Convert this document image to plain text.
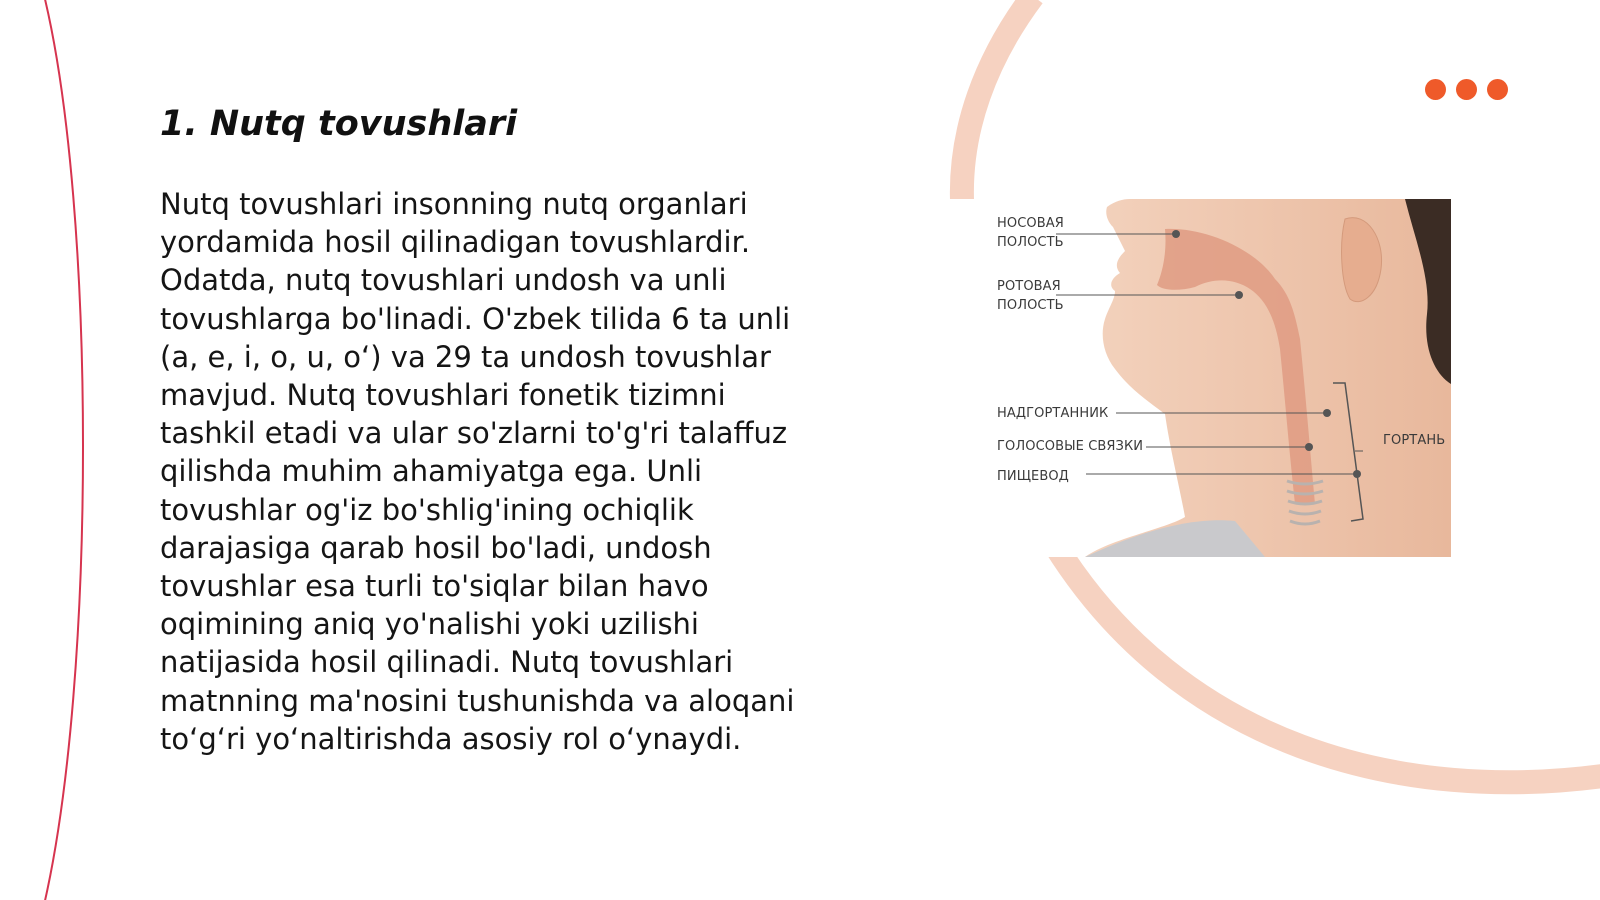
1. Nutq tovushlari

Nutq tovushlari insonning nutq organlari yordamida hosil qilinadigan tovushlardir. Odatda, nutq tovushlari undosh va unli tovushlarga bo'linadi. O'zbek tilida 6 ta unli (a, e, i, o, u, o‘) va 29 ta undosh tovushlar mavjud. Nutq tovushlari fonetik tizimni tashkil etadi va ular so'zlarni to'g'ri talaffuz qilishda muhim ahamiyatga ega. Unli tovushlar og'iz bo'shlig'ining ochiqlik darajasiga qarab hosil bo'ladi, undosh tovushlar esa turli to'siqlar bilan havo oqimining aniq yo'nalishi yoki uzilishi natijasida hosil qilinadi. Nutq tovushlari matnning ma'nosini tushunishda va aloqani to‘g‘ri yo‘naltirishda asosiy rol o‘ynaydi.

НОСОВАЯ
ПОЛОСТЬ
РОТОВАЯ
ПОЛОСТЬ
НАДГОРТАННИК
ГОЛОСОВЫЕ СВЯЗКИ
ПИЩЕВОД
ГОРТАНЬ
